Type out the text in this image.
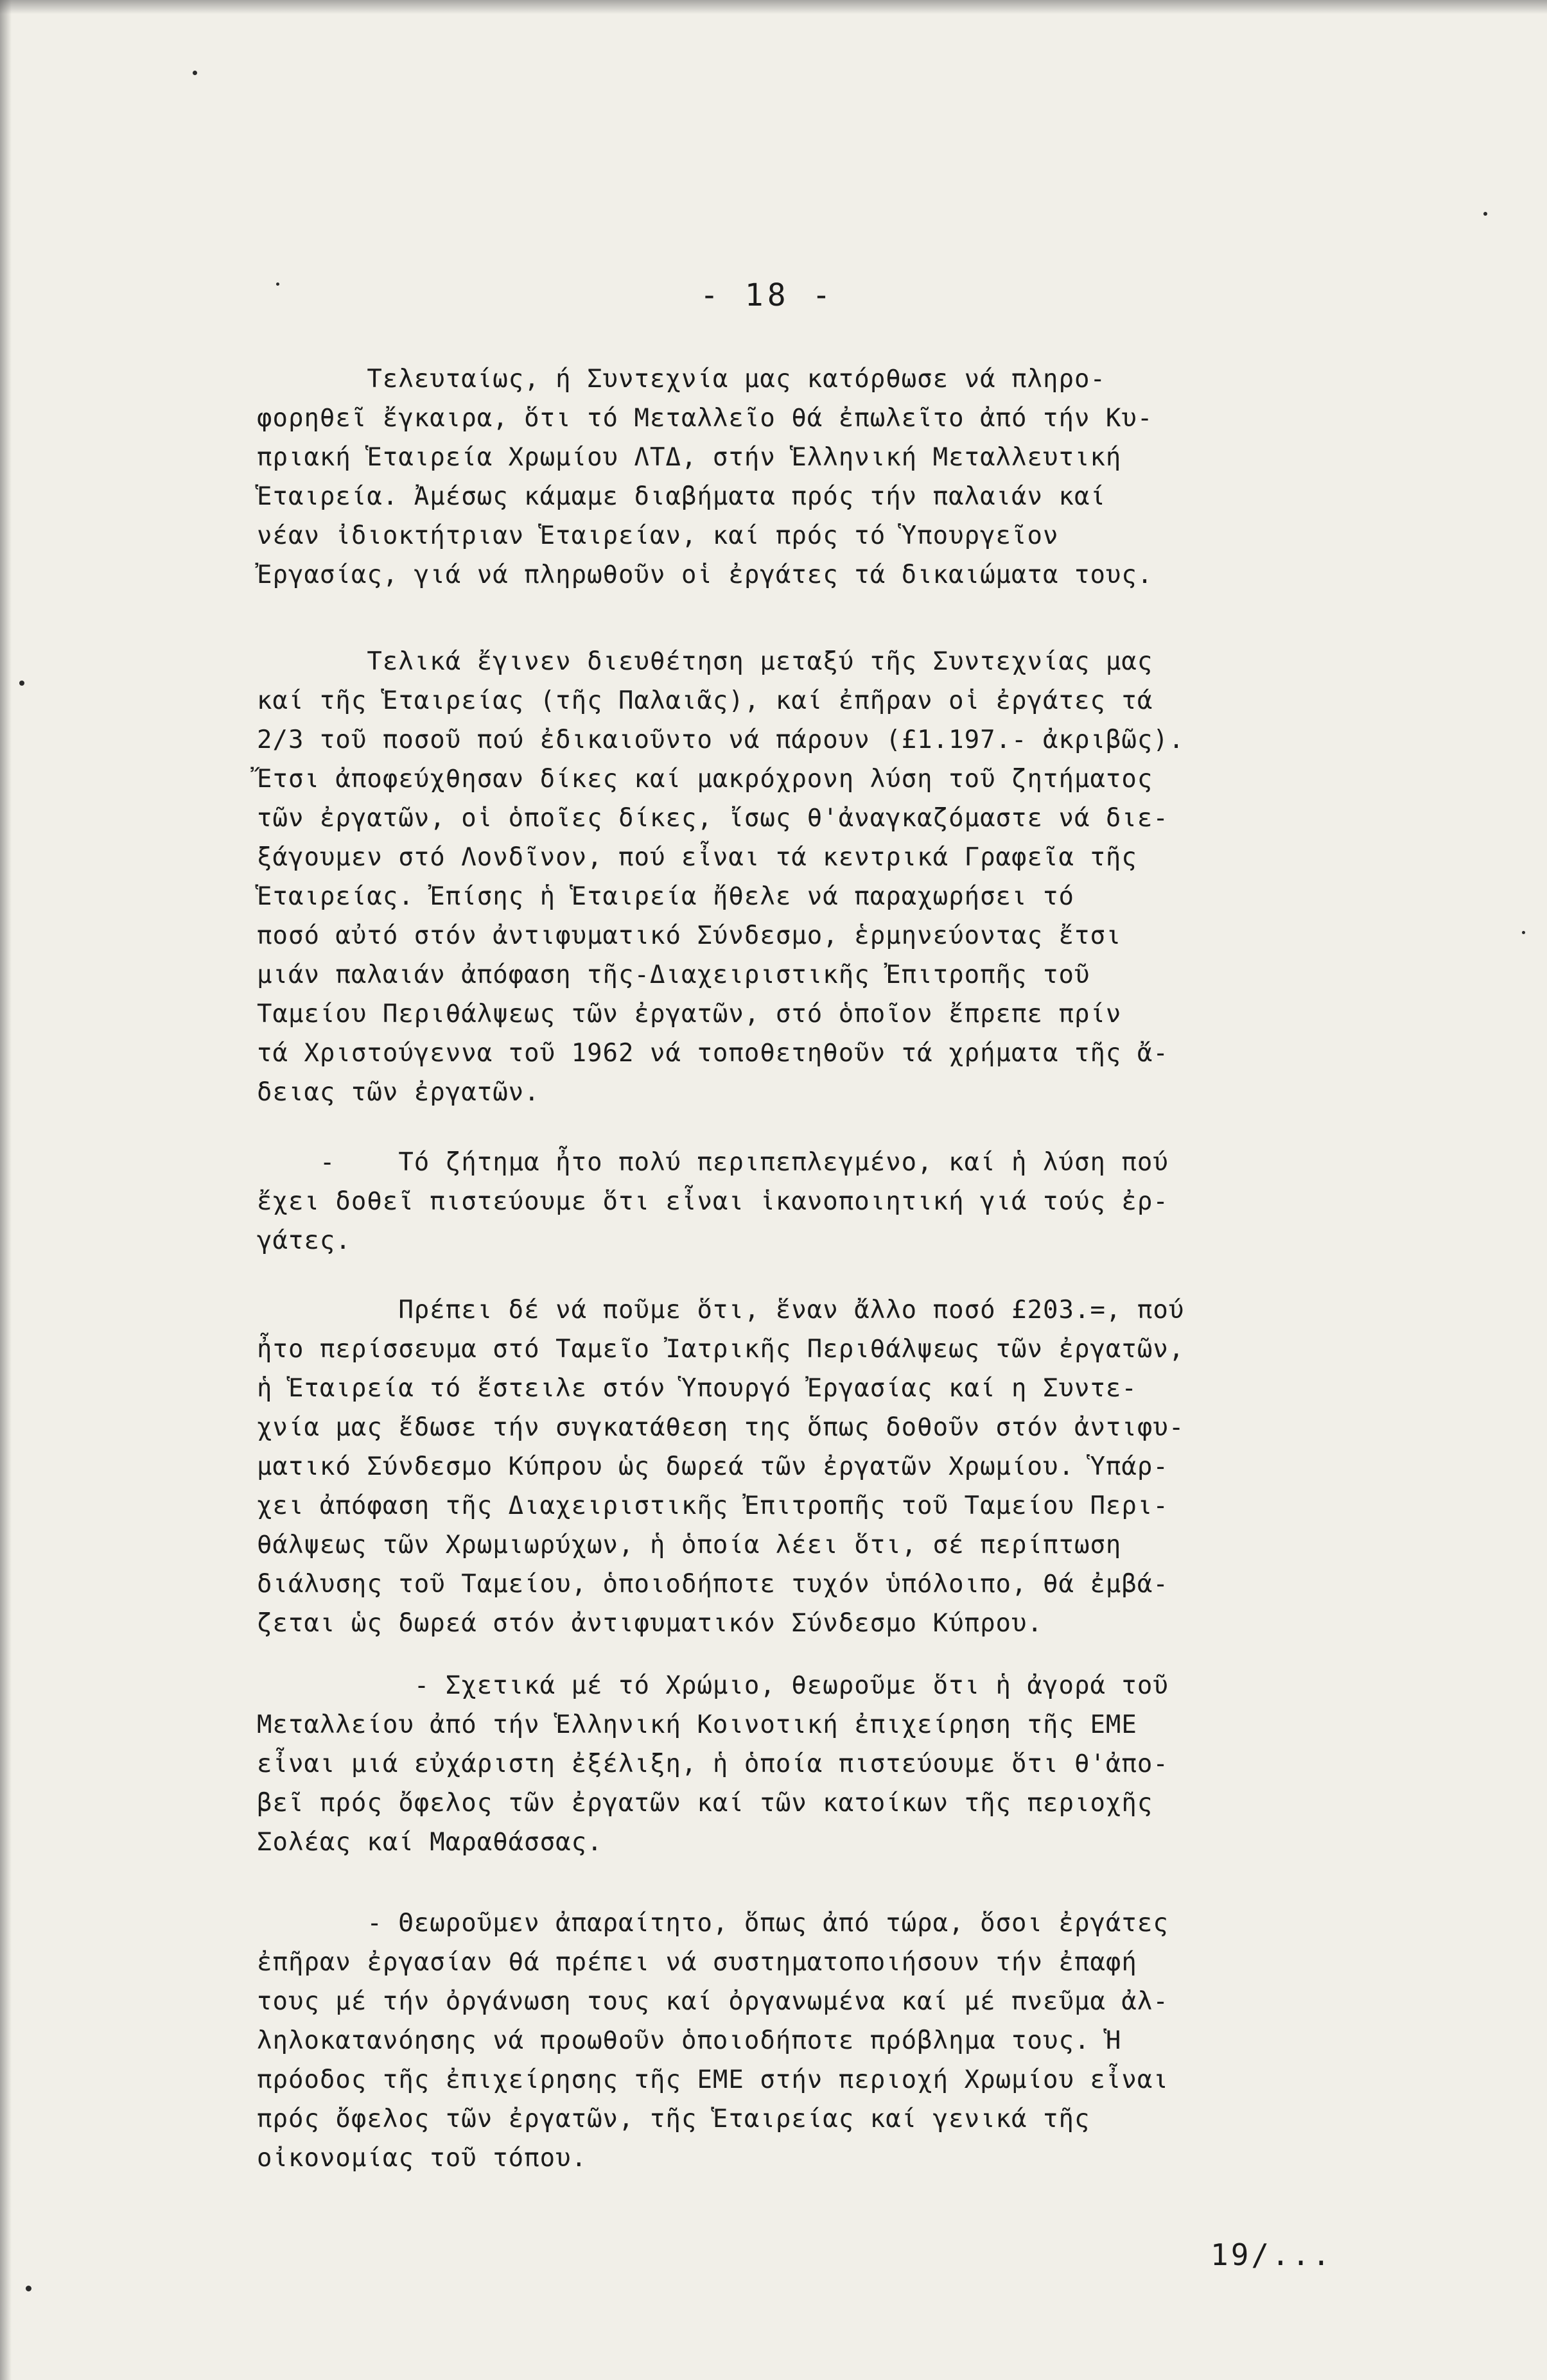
- 18 -

Τελευταίως, ή Συντεχνία μας κατόρθωσε νά πληρο-
φορηθεῖ ἔγκαιρα, ὅτι τό Μεταλλεῖο θά ἐπωλεῖτο ἀπό τήν Κυ-
πριακή Ἑταιρεία Χρωμίου ΛΤΔ, στήν Ἑλληνική Μεταλλευτική
Ἑταιρεία. Ἀμέσως κάμαμε διαβήματα πρός τήν παλαιάν καί
νέαν ἰδιοκτήτριαν Ἑταιρείαν, καί πρός τό Ὑπουργεῖον
Ἐργασίας, γιά νά πληρωθοῦν οἱ ἐργάτες τά δικαιώματα τους.

Τελικά ἔγινεν διευθέτηση μεταξύ τῆς Συντεχνίας μας
καί τῆς Ἑταιρείας (τῆς Παλαιᾶς), καί ἐπῆραν οἱ ἐργάτες τά
2/3 τοῦ ποσοῦ πού ἐδικαιοῦντο νά πάρουν (£1.197.- ἀκριβῶς).
Ἔτσι ἀποφεύχθησαν δίκες καί μακρόχρονη λύση τοῦ ζητήματος
τῶν ἐργατῶν, οἱ ὁποῖες δίκες, ἴσως θ'ἀναγκαζόμαστε νά διε-
ξάγουμεν στό Λονδῖνον, πού εἶναι τά κεντρικά Γραφεῖα τῆς
Ἑταιρείας. Ἐπίσης ἡ Ἑταιρεία ἤθελε νά παραχωρήσει τό
ποσό αὐτό στόν ἀντιφυματικό Σύνδεσμο, ἑρμηνεύοντας ἔτσι
μιάν παλαιάν ἀπόφαση τῆς-Διαχειριστικῆς Ἐπιτροπῆς τοῦ
Ταμείου Περιθάλψεως τῶν ἐργατῶν, στό ὁποῖον ἔπρεπε πρίν
τά Χριστούγεννα τοῦ 1962 νά τοποθετηθοῦν τά χρήματα τῆς ἄ-
δειας τῶν ἐργατῶν.

-    Τό ζήτημα ἦτο πολύ περιπεπλεγμένο, καί ἡ λύση πού
ἔχει δοθεῖ πιστεύουμε ὅτι εἶναι ἱκανοποιητική γιά τούς ἐρ-
γάτες.

Πρέπει δέ νά ποῦμε ὅτι, ἕναν ἄλλο ποσό £203.=, πού
ἦτο περίσσευμα στό Ταμεῖο Ἰατρικῆς Περιθάλψεως τῶν ἐργατῶν,
ἡ Ἑταιρεία τό ἔστειλε στόν Ὑπουργό Ἐργασίας καί η Συντε-
χνία μας ἔδωσε τήν συγκατάθεση της ὅπως δοθοῦν στόν ἀντιφυ-
ματικό Σύνδεσμο Κύπρου ὡς δωρεά τῶν ἐργατῶν Χρωμίου. Ὑπάρ-
χει ἀπόφαση τῆς Διαχειριστικῆς Ἐπιτροπῆς τοῦ Ταμείου Περι-
θάλψεως τῶν Χρωμιωρύχων, ἡ ὁποία λέει ὅτι, σέ περίπτωση
διάλυσης τοῦ Ταμείου, ὁποιοδήποτε τυχόν ὑπόλοιπο, θά ἐμβά-
ζεται ὡς δωρεά στόν ἀντιφυματικόν Σύνδεσμο Κύπρου.

- Σχετικά μέ τό Χρώμιο, θεωροῦμε ὅτι ἡ ἀγορά τοῦ
Μεταλλείου ἀπό τήν Ἑλληνική Κοινοτική ἐπιχείρηση τῆς ΕΜΕ
εἶναι μιά εὐχάριστη ἐξέλιξη, ἡ ὁποία πιστεύουμε ὅτι θ'ἀπο-
βεῖ πρός ὄφελος τῶν ἐργατῶν καί τῶν κατοίκων τῆς περιοχῆς
Σολέας καί Μαραθάσσας.

- Θεωροῦμεν ἀπαραίτητο, ὅπως ἀπό τώρα, ὅσοι ἐργάτες
ἐπῆραν ἐργασίαν θά πρέπει νά συστηματοποιήσουν τήν ἐπαφή
τους μέ τήν ὀργάνωση τους καί ὀργανωμένα καί μέ πνεῦμα ἀλ-
ληλοκατανόησης νά προωθοῦν ὁποιοδήποτε πρόβλημα τους. Ἡ
πρόοδος τῆς ἐπιχείρησης τῆς ΕΜΕ στήν περιοχή Χρωμίου εἶναι
πρός ὄφελος τῶν ἐργατῶν, τῆς Ἑταιρείας καί γενικά τῆς
οἰκονομίας τοῦ τόπου.

19/...
